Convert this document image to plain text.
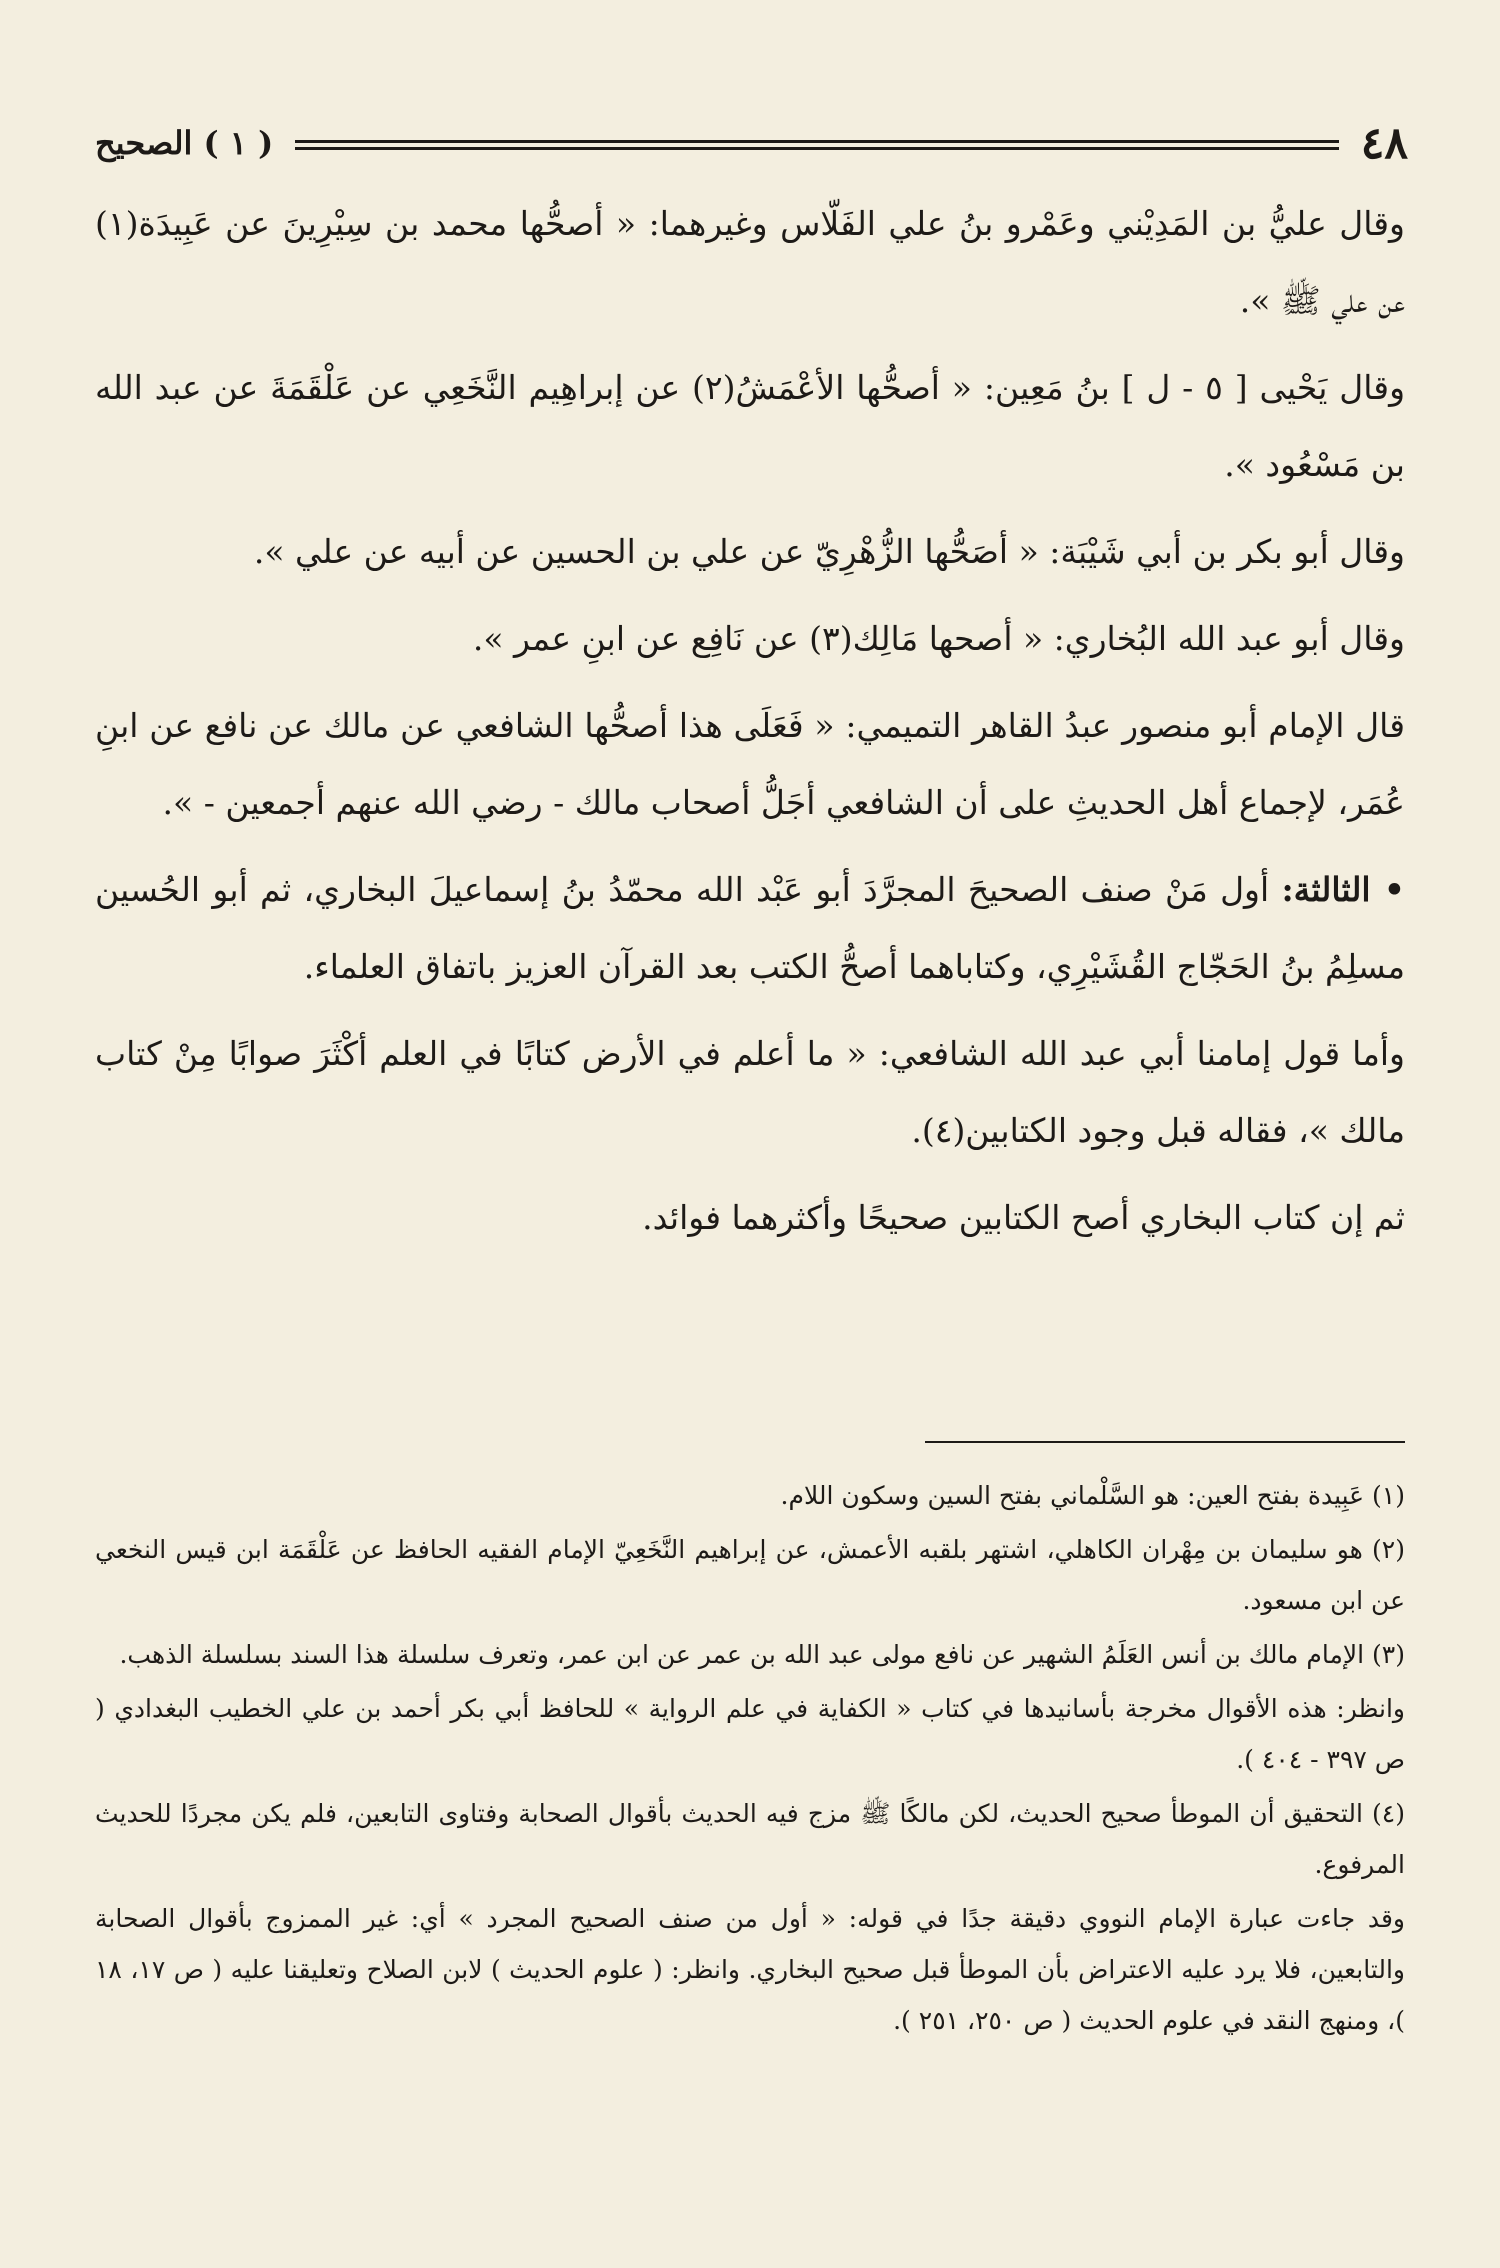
٤٨
( ١ ) الصحيح

وقال عليُّ بن المَدِيْني وعَمْرو بنُ علي الفَلّاس وغيرهما: « أصحُّها محمد بن سِيْرِينَ عن عَبِيدَة(١) عن علي ﷺ ».

وقال يَحْيى [ ٥ - ل ] بنُ مَعِين: « أصحُّها الأعْمَشُ(٢) عن إبراهِيم النَّخَعِي عن عَلْقَمَةَ عن عبد الله بن مَسْعُود ».

وقال أبو بكر بن أبي شَيْبَة: « أصَحُّها الزُّهْرِيّ عن علي بن الحسين عن أبيه عن علي ».

وقال أبو عبد الله البُخاري: « أصحها مَالِك(٣) عن نَافِع عن ابنِ عمر ».

قال الإمام أبو منصور عبدُ القاهر التميمي: « فَعَلَى هذا أصحُّها الشافعي عن مالك عن نافع عن ابنِ عُمَر، لإجماع أهل الحديثِ على أن الشافعي أجَلُّ أصحاب مالك - رضي الله عنهم أجمعين - ».

• الثالثة: أول مَنْ صنف الصحيحَ المجرَّدَ أبو عَبْد الله محمّدُ بنُ إسماعيلَ البخاري، ثم أبو الحُسين مسلِمُ بنُ الحَجّاج القُشَيْرِي، وكتاباهما أصحُّ الكتب بعد القرآن العزيز باتفاق العلماء.

وأما قول إمامنا أبي عبد الله الشافعي: « ما أعلم في الأرض كتابًا في العلم أكْثَرَ صوابًا مِنْ كتاب مالك »، فقاله قبل وجود الكتابين(٤).

ثم إن كتاب البخاري أصح الكتابين صحيحًا وأكثرهما فوائد.

(١) عَبِيدة بفتح العين: هو السَّلْماني بفتح السين وسكون اللام.

(٢) هو سليمان بن مِهْران الكاهلي، اشتهر بلقبه الأعمش، عن إبراهيم النَّخَعِيّ الإمام الفقيه الحافظ عن عَلْقَمَة ابن قيس النخعي عن ابن مسعود.

(٣) الإمام مالك بن أنس العَلَمُ الشهير عن نافع مولى عبد الله بن عمر عن ابن عمر، وتعرف سلسلة هذا السند بسلسلة الذهب.

وانظر: هذه الأقوال مخرجة بأسانيدها في كتاب « الكفاية في علم الرواية » للحافظ أبي بكر أحمد بن علي الخطيب البغدادي ( ص ٣٩٧ - ٤٠٤ ).

(٤) التحقيق أن الموطأ صحيح الحديث، لكن مالكًا ﷺ مزج فيه الحديث بأقوال الصحابة وفتاوى التابعين، فلم يكن مجردًا للحديث المرفوع.

وقد جاءت عبارة الإمام النووي دقيقة جدًا في قوله: « أول من صنف الصحيح المجرد » أي: غير الممزوج بأقوال الصحابة والتابعين، فلا يرد عليه الاعتراض بأن الموطأ قبل صحيح البخاري. وانظر: ( علوم الحديث ) لابن الصلاح وتعليقنا عليه ( ص ١٧، ١٨ )، ومنهج النقد في علوم الحديث ( ص ٢٥٠، ٢٥١ ).
